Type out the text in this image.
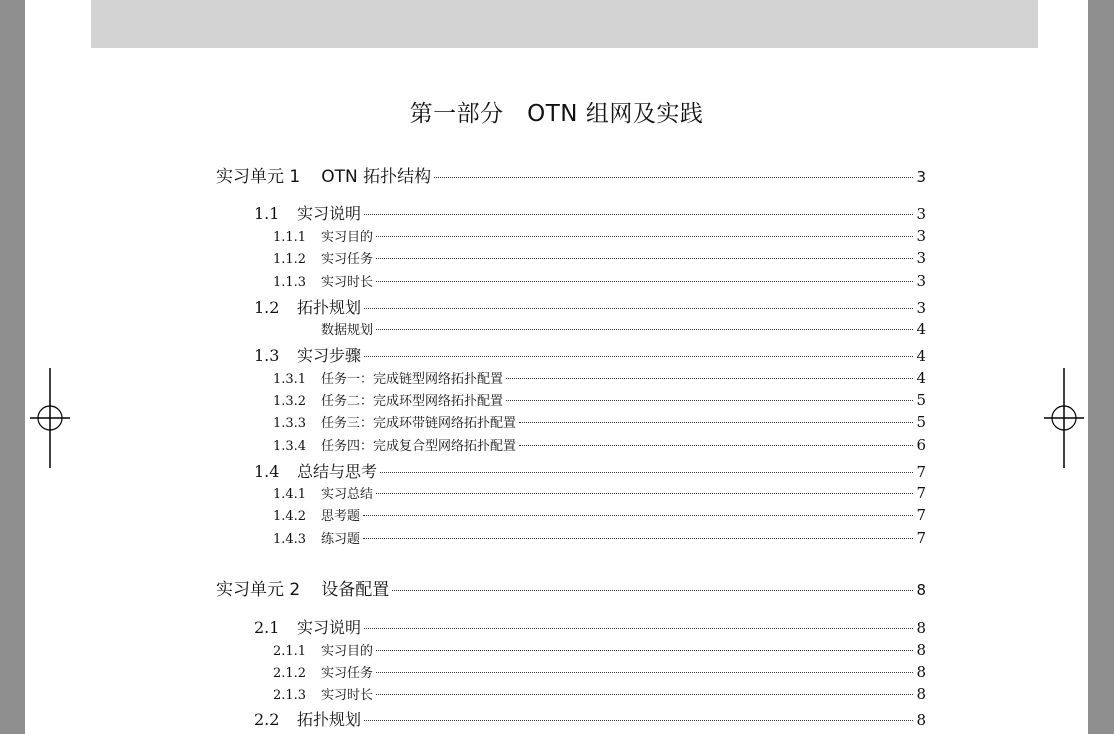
第一部分　OTN 组网及实践
实习单元 1  OTN 拓扑结构	3
1.1 实习说明	3
1.1.1 实习目的	3
1.1.2 实习任务	3
1.1.3 实习时长	3
1.2 拓扑规划	3
数据规划	4
1.3 实习步骤	4
1.3.1 任务一：完成链型网络拓扑配置	4
1.3.2 任务二：完成环型网络拓扑配置	5
1.3.3 任务三：完成环带链网络拓扑配置	5
1.3.4 任务四：完成复合型网络拓扑配置	6
1.4 总结与思考	7
1.4.1 实习总结	7
1.4.2 思考题	7
1.4.3 练习题	7
实习单元 2  设备配置	8
2.1 实习说明	8
2.1.1 实习目的	8
2.1.2 实习任务	8
2.1.3 实习时长	8
2.2 拓扑规划	8
